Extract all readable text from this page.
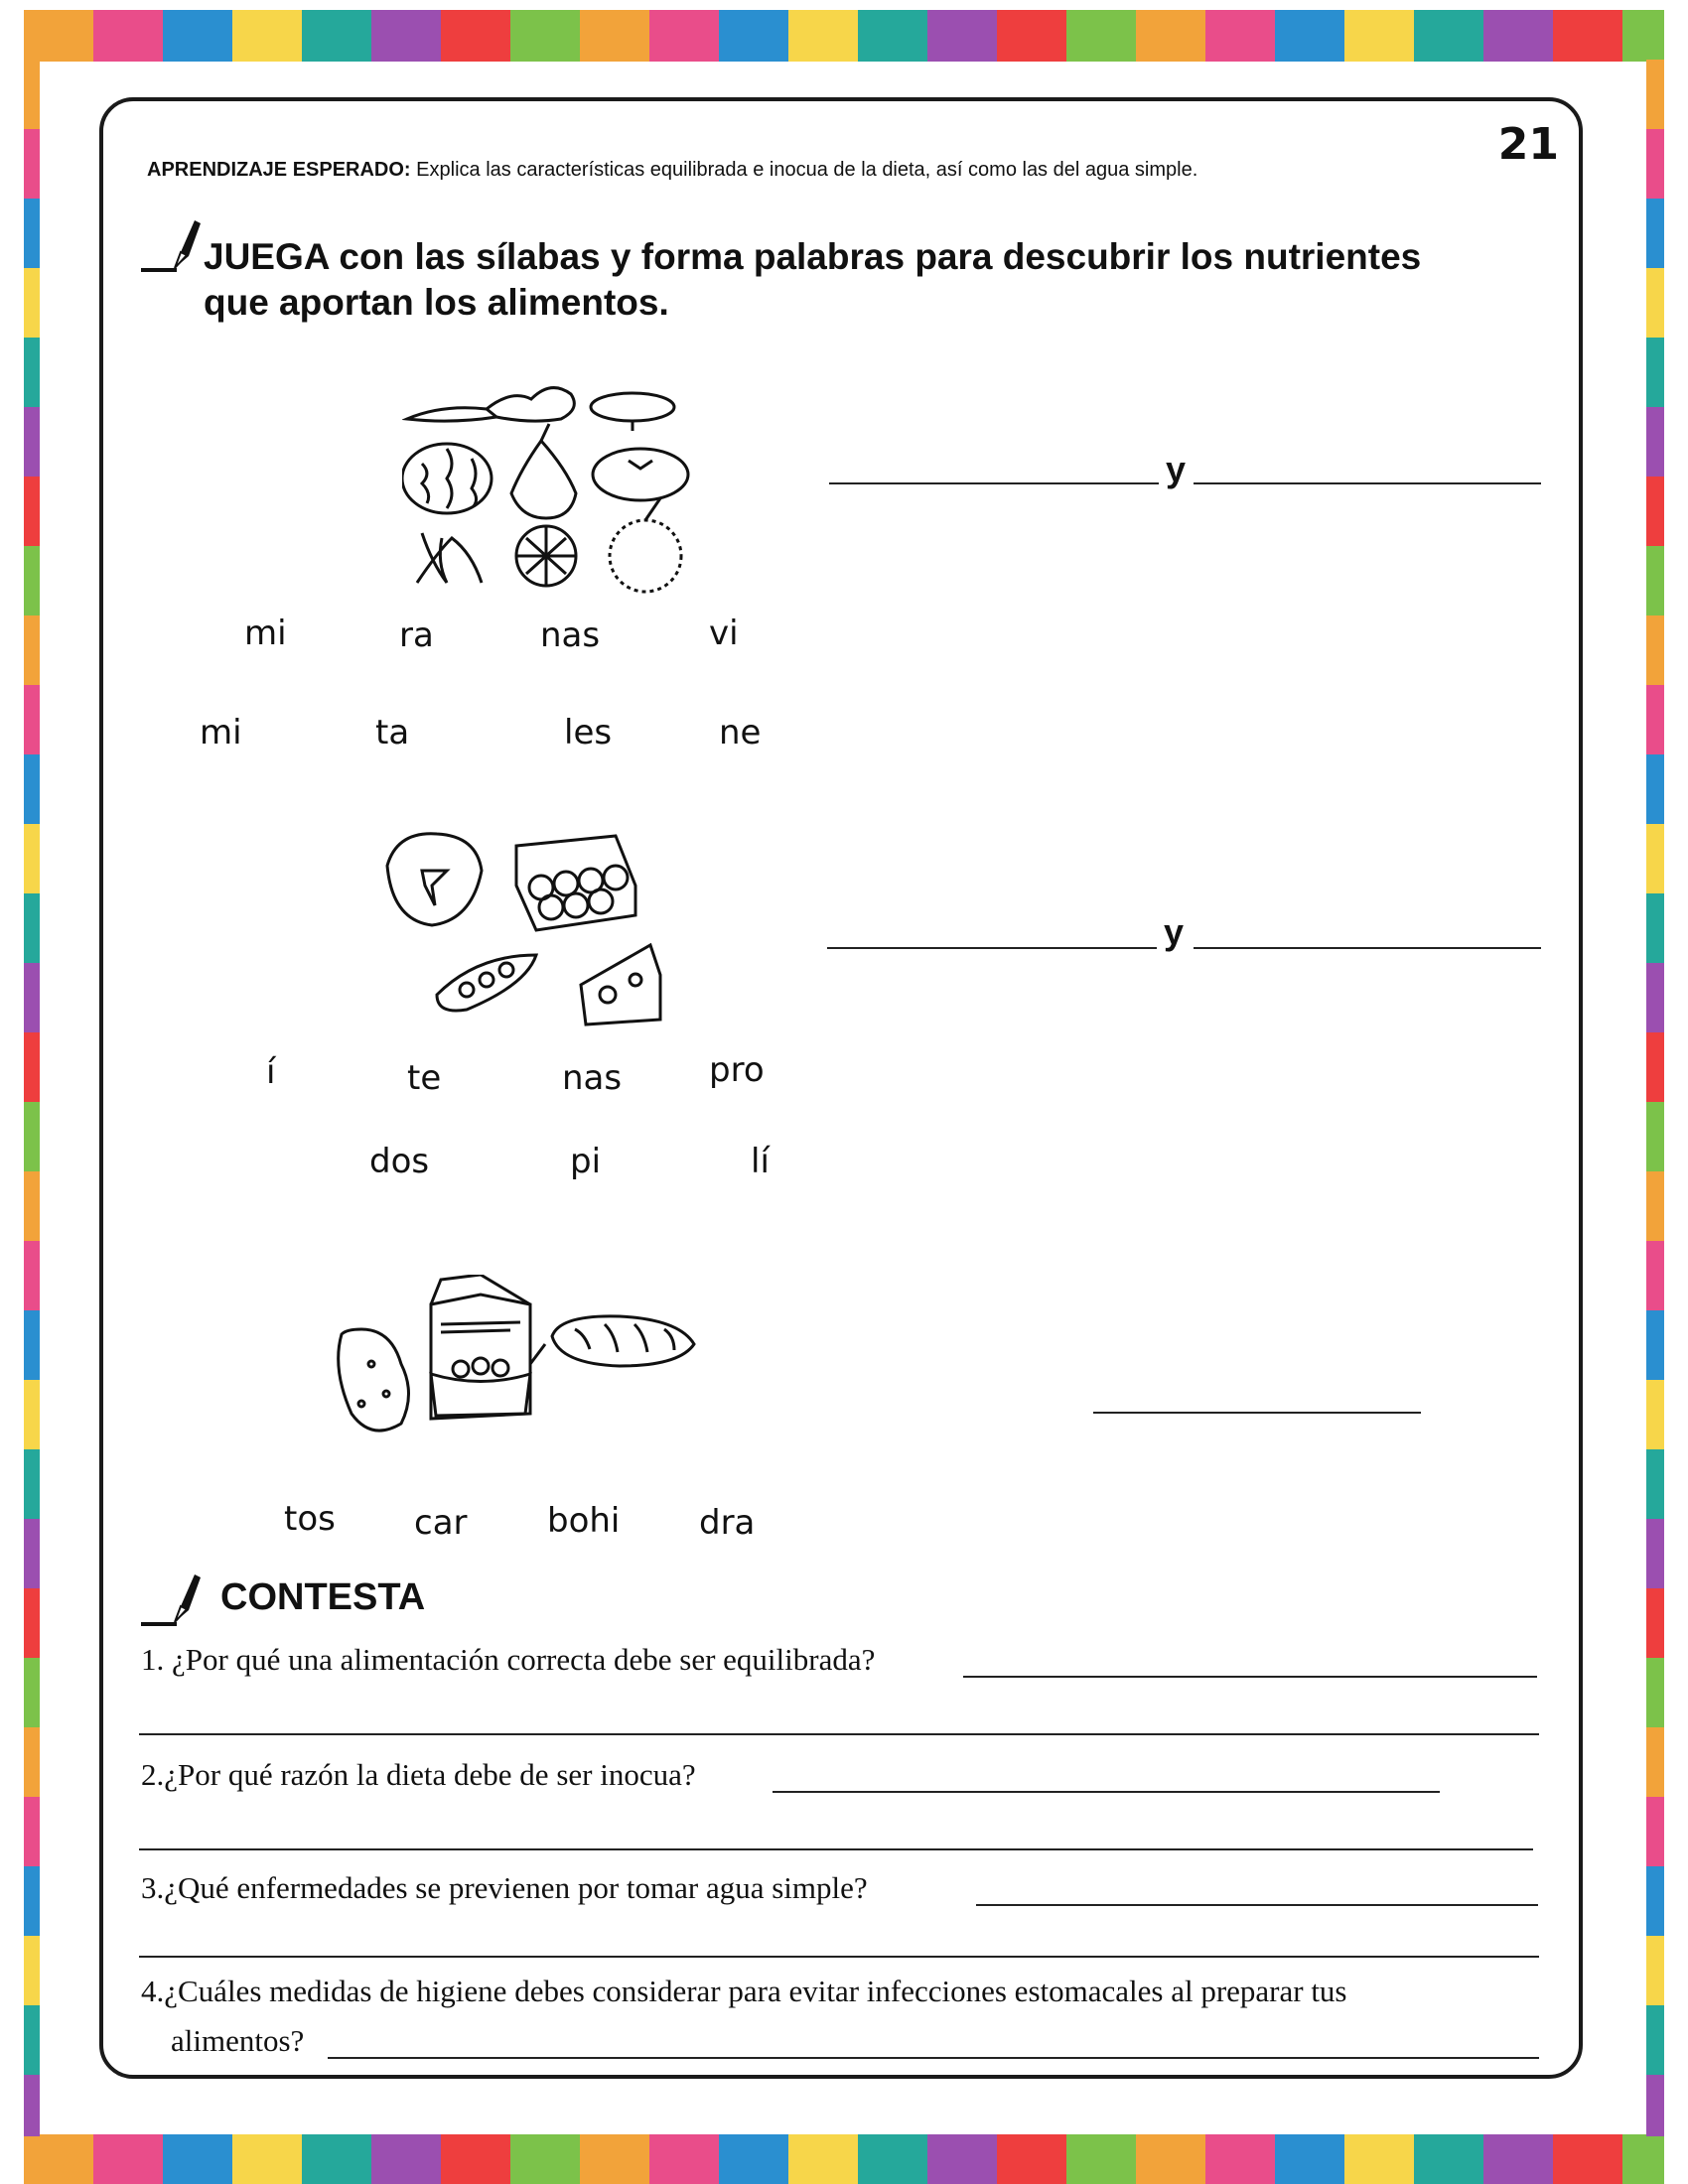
21
APRENDIZAJE ESPERADO: Explica las características equilibrada e inocua de la dieta, así como las del agua simple.
JUEGA con las sílabas y forma palabras para descubrir los nutrientes
que aportan los alimentos.
mi	ra	nas	vi
mi	ta	les	ne
y
í	te	nas	pro
dos	pi	lí
y
tos car bohi dra
CONTESTA
1. ¿Por qué una alimentación correcta debe ser equilibrada?
2.¿Por qué razón la dieta debe de ser inocua?
3.¿Qué enfermedades se previenen por tomar agua simple?
4.¿Cuáles medidas de higiene debes considerar para evitar infecciones estomacales al preparar tus
alimentos?
